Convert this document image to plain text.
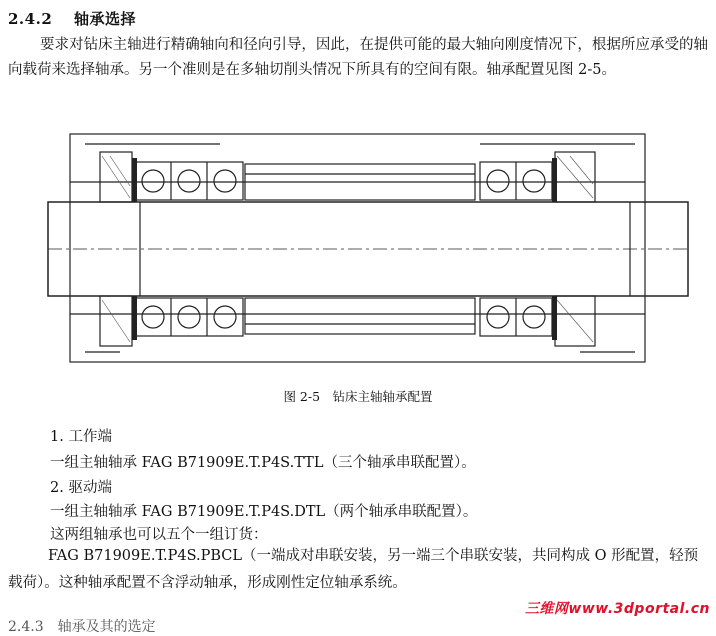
2.4.2 轴承选择
要求对钻床主轴进行精确轴向和径向引导，因此，在提供可能的最大轴向刚度情况下，根据所应承受的轴向载荷来选择轴承。另一个准则是在多轴切削头情况下所具有的空间有限。轴承配置见图 2-5。
图 2-5　钻床主轴轴承配置
1. 工作端
一组主轴轴承 FAG B71909E.T.P4S.TTL（三个轴承串联配置）。
2. 驱动端
一组主轴轴承 FAG B71909E.T.P4S.DTL（两个轴承串联配置）。
这两组轴承也可以五个一组订货：
FAG B71909E.T.P4S.PBCL（一端成对串联安装，另一端三个串联安装，共同构成 O 形配置，轻预载荷）。这种轴承配置不含浮动轴承，形成刚性定位轴承系统。
2.4.3　轴承及其的选定
三维网www.3dportal.cn
